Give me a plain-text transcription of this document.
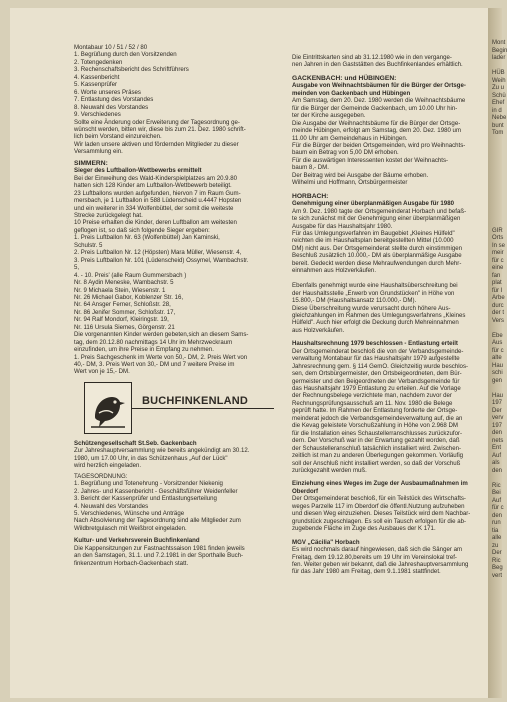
Montabaur 10 / 51 / 52 / 80
1. Begrüßung durch den Vorsitzenden
2. Totengedenken
3. Rechenschaftsbericht des Schriftführers
4. Kassenbericht
5. Kassenprüfer
6. Worte unseres Präses
7. Entlastung des Vorstandes
8. Neuwahl des Vorstandes
9. Verschiedenes
Sollte eine Änderung oder Erweiterung der Tagesordnung ge-
wünscht werden, bitten wir, diese bis zum 21. Dez. 1980 schrift-
lich beim Vorstand einzureichen.
Wir laden unsere aktiven und fördernden Mitglieder zu dieser
Versammlung ein.
SIMMERN:
Sieger des Luftballon-Wettbewerbs ermittelt
Bei der Einweihung des Wald-Kinderspielplatzes am 20.9.80
hatten sich 128 Kinder am Luftballon-Wettbewerb beteiligt.
23 Luftballons wurden aufgefunden, hiervon 7 im Raum Gum-
mersbach, je 1 Luftballon in 588 Lüdenscheid u.4447 Hopsten
und ein weiterer in 334 Wolfenbüttel, der somit die weiteste
Strecke zurückgelegt hat.
10 Preise erhalten die Kinder, deren Luftballon am weitesten
geflogen ist, so daß sich folgende Sieger ergeben:
1. Preis Luftballon Nr. 63 (Wolfenbüttel) Jan Kaminski,
Schulstr. 5
2. Preis Luftballon Nr. 12 (Höpsten) Mara Müller, Wiesenstr. 4,
3. Preis Luftballon Nr. 101 (Lüdenscheid) Ossymel, Wambachstr.
5,
4. - 10. Preis' (alle Raum Gummersbach )
Nr. 8 Aydin Meneske, Wambachstr. 5
Nr. 9 Michaela Stein, Wiesenstr. 1
Nr. 26 Michael Gabor, Koblenzer Str. 16,
Nr. 64 Ansger Ferner, Schloßstr. 28,
Nr. 86 Jenifer Sommer, Schloßstr. 17,
Nr. 94 Ralf Mondorf, Kleiringstr. 19,
Nr. 116 Ursula Siemes, Görgenstr. 21
Die vorgenannten Kinder werden gebeten,sich an diesem Sams-
tag, dem 20.12.80 nachmittags 14 Uhr im Mehrzweckraum
einzufinden, um ihre Preise in Empfang zu nehmen.
1. Preis Sachgeschenk im Werte von 50,- DM, 2. Preis Wert von
40,- DM, 3. Preis Wert von 30,- DM und 7 weitere Preise im
Wert von je 15,- DM.
BUCHFINKENLAND
Schützengesellschaft St.Seb. Gackenbach
Zur Jahreshauptversammlung wie bereits angekündigt am 30.12.
1980, um 17.00 Uhr, in das Schützenhaus „Auf der Lück"
wird herzlich eingeladen.
TAGESORDNUNG:
1. Begrüßung und Totenehrung - Vorsitzender Niekenig
2. Jahres- und Kassenbericht - Geschäftsführer Weidenfeller
3. Bericht der Kassenprüfer und Entlastungserteilung
4. Neuwahl des Vorstandes
5. Verschiedenes, Wünsche und Anträge
Nach Absolvierung der Tagesordnung sind alle Mitglieder zum
Wildbretgulasch mit Weißbrot eingeladen.
Kultur- und Verkehrsverein Buchfinkenland
Die Kappensitzungen zur Fastnachtssaison 1981 finden jeweils
an den Samstagen, 31.1. und 7.2.1981 in der Sporthalle Buch-
finkenzentrum Horbach-Gackenbach statt.
Die Eintrittskarten sind ab 31.12.1980 wie in den vergange-
nen Jahren in den Gaststätten des Buchfinkenlandes erhältlich.
GACKENBACH: und HÜBINGEN:
Ausgabe von Weihnachtsbäumen für die Bürger der Ortsge-
meinden von Gackenbach und Hübingen
Am Samstag, dem 20. Dez. 1980 werden die Weihnachtsbäume
für die Bürger der Gemeinde Gackenbach, um 10.00 Uhr hin-
ter der Kirche ausgegeben.
Die Ausgabe der Weihnachtsbäume für die Bürger der Ortsge-
meinde Hübingen, erfolgt am Samstag, dem 20. Dez. 1980 um
11.00 Uhr am Gemeindehaus in Hübingen.
Für die Bürger der beiden Ortsgemeinden, wird pro Weihnachts-
baum ein Betrag von 5,00 DM erhoben.
Für die auswärtigen Interessenten kostet der Weihnachts-
baum 8,- DM.
Der Beitrag wird bei Ausgabe der Bäume erhoben.
Wilhelmi und Hoffmann, Ortsbürgermeister
HORBACH:
Genehmigung einer überplanmäßigen Ausgabe für 1980
Am 9. Dez. 1980 tagte der Ortsgemeinderat Horbach und befaß-
te sich zunächst mit der Genehmigung einer überplanmäßigen
Ausgabe für das Haushaltsjahr 1980.
Für das Umlegungsverfahren im Baugebiet „Kleines Hülfeld"
reichten die im Haushaltsplan bereitgestellten Mittel (10.000
DM) nicht aus. Der Ortsgemeinderat stellte durch einstimmigen
Beschluß zusätzlich 10.000,- DM als überplanmäßige Ausgabe
bereit. Gedeckt werden diese Mehraufwendungen durch Mehr-
einnahmen aus Holzverkäufen.

Ebenfalls genehmigt wurde eine Haushaltsüberschreitung bei
der Haushaltsstelle „Erwerb von Grundstücken" in Höhe von
15.800,- DM (Haushaltsansatz 110.000,- DM).
Diese Überschreitung wurde verursacht durch höhere Aus-
gleichzahlungen im Rahmen des Umlegungsverfahrens „Kleines
Hülfeld". Auch hier erfolgt die Deckung durch Mehreinnahmen
aus Holzverkäufen.
Haushaltsrechnung 1979 beschlossen - Entlastung erteilt
Der Ortsgemeinderat beschloß die von der Verbandsgemeinde-
verwaltung Montabaur für das Haushaltsjahr 1979 aufgestellte
Jahresrechnung gem. § 114 GemO. Gleichzeitig wurde beschlos-
sen, dem Ortsbürgermeister, den Ortsbeigeordneten, dem Bür-
germeister und den Beigeordneten der Verbandsgemeinde für
das Haushaltsjahr 1979 Entlastung zu erteilen. Auf die Vorlage
der Rechnungsbelege verzichtete man, nachdem zuvor der
Rechnungsprüfungsausschuß am 11. Nov. 1980 die Belege
geprüft hatte. Im Rahmen der Entlastung forderte der Ortsge-
meinderat jedoch die Verbandsgemeindeverwaltung auf, die an
die Kevag geleistete Vorschußzahlung in Höhe von 2.968 DM
für die Installation eines Schaustellerranschlusses zurückzufor-
dern. Der Vorschuß war in der Erwartung gezahlt worden, daß
der Schaustelleranschluß tatsächlich installiert wird. Zwischen-
zeitlich ist man zu anderen Überlegungen gekommen. Vorläufig
soll der Anschluß nicht installiert werden, so daß der Vorschuß
zurückgezahlt werden muß.
Einziehung eines Weges im Zuge der Ausbaumaßnahmen im
Oberdorf
Der Ortsgemeinderat beschloß, für ein Teilstück des Wirtschafts-
weges Parzelle 117 im Oberdorf die öffentl.Nutzung aufzuheben
und diesen Weg einzuziehen. Dieses Teilstück wird dem Nachbar-
grundstück zugeschlagen. Es soll ein Tausch erfolgen für die ab-
zugebende Fläche im Zuge des Ausbaues der K 171.
MGV „Cäcilia" Horbach
Es wird nochmals darauf hingewiesen, daß sich die Sänger am
Freitag, dem 19.12.80,bereits um 19 Uhr im Vereinslokal tref-
fen. Weiter geben wir bekannt, daß die Jahreshauptversammlung
für das Jahr 1980 am Freitag, dem 9.1.1981 stattfindet.
Mont
Begin
lader

HÜB
Weih
Zu u
Schü
Ehef
in d
Nebe
bunt
Tom

GIR
Orts
In se
meir
für c
eine
fan
plat
für I
Arbe
durc
der t
Vers

Ebe
Aus
für c
alte
Hau
schi
gen

Hau
197
Der
verv
197
den
nets
Ent
Auf
als
den

Ric
Bei
Auf
für c
den
run
tia
alle
zu
Der
Ric
Beg
vert
